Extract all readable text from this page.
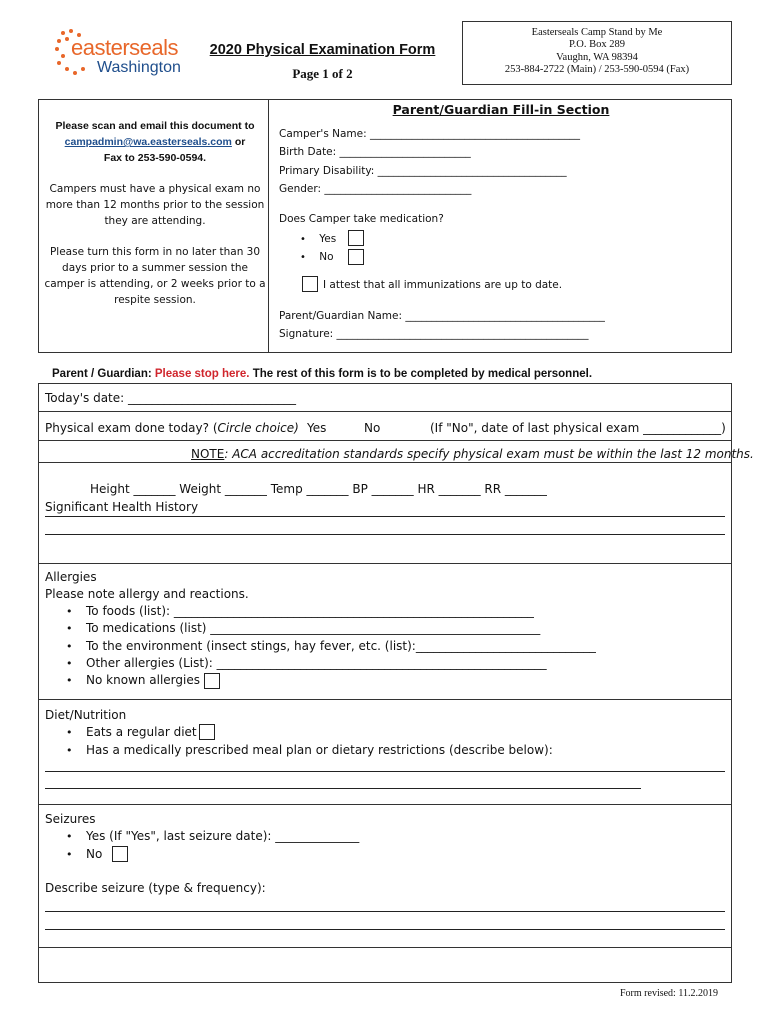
easterseals
Washington
2020 Physical Examination Form
Page 1 of 2
Easterseals Camp Stand by Me
P.O. Box 289
Vaughn, WA 98394
253-884-2722 (Main) / 253-590-0594 (Fax)
Please scan and email this document to
campadmin@wa.easterseals.com or
Fax to 253-590-0594.
Campers must have a physical exam no more than 12 months prior to the session they are attending.
Please turn this form in no later than 30 days prior to a summer session the camper is attending, or 2 weeks prior to a respite session.
Parent/Guardian Fill-in Section
Camper's Name: ________________________________________
Birth Date: _________________________
Primary Disability: ____________________________________
Gender: ____________________________
Does Camper take medication?
• Yes
• No
I attest that all immunizations are up to date.
Parent/Guardian Name: ______________________________________
Signature: ________________________________________________
Parent / Guardian: Please stop here. The rest of this form is to be completed by medical personnel.
Today's date: ____________________________
Physical exam done today? (Circle choice) Yes	No	(If "No", date of last physical exam _____________)
NOTE: ACA accreditation standards specify physical exam must be within the last 12 months.
Height _______ Weight _______ Temp _______ BP _______ HR _______ RR _______
Significant Health History
Allergies
Please note allergy and reactions.
• To foods (list): ____________________________________________________________
• To medications (list) _______________________________________________________
• To the environment (insect stings, hay fever, etc. (list):______________________________
• Other allergies (List): _______________________________________________________
• No known allergies
Diet/Nutrition
• Eats a regular diet
• Has a medically prescribed meal plan or dietary restrictions (describe below):
Seizures
• Yes (If "Yes", last seizure date): ______________
• No
Describe seizure (type & frequency):
Form revised: 11.2.2019
